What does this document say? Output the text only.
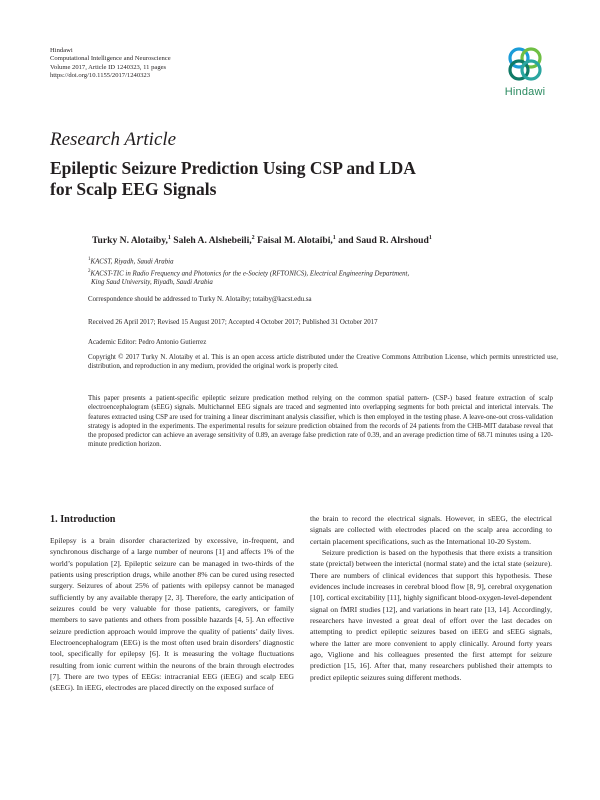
Hindawi
Computational Intelligence and Neuroscience
Volume 2017, Article ID 1240323, 11 pages
https://doi.org/10.1155/2017/1240323
Hindawi
Research Article
Epileptic Seizure Prediction Using CSP and LDA
for Scalp EEG Signals
Turky N. Alotaiby,$^1$ Saleh A. Alshebeili,$^2$ Faisal M. Alotaibi,$^1$ and Saud R. Alrshoud$^1$
$^1$KACST, Riyadh, Saudi Arabia
$^2$KACST-TIC in Radio Frequency and Photonics for the e-Society (RFTONICS), Electrical Engineering Department,
King Saud University, Riyadh, Saudi Arabia
Correspondence should be addressed to Turky N. Alotaiby; totaiby@kacst.edu.sa
Received 26 April 2017; Revised 15 August 2017; Accepted 4 October 2017; Published 31 October 2017
Academic Editor: Pedro Antonio Gutierrez
Copyright © 2017 Turky N. Alotaiby et al. This is an open access article distributed under the Creative Commons Attribution License, which permits unrestricted use, distribution, and reproduction in any medium, provided the original work is properly cited.
This paper presents a patient-specific epileptic seizure predication method relying on the common spatial pattern- (CSP-) based feature extraction of scalp electroencephalogram (sEEG) signals. Multichannel EEG signals are traced and segmented into overlapping segments for both preictal and interictal intervals. The features extracted using CSP are used for training a linear discriminant analysis classifier, which is then employed in the testing phase. A leave-one-out cross-validation strategy is adopted in the experiments. The experimental results for seizure prediction obtained from the records of 24 patients from the CHB-MIT database reveal that the proposed predictor can achieve an average sensitivity of 0.89, an average false prediction rate of 0.39, and an average prediction time of 68.71 minutes using a 120-minute prediction horizon.
1. Introduction

Epilepsy is a brain disorder characterized by excessive, in-frequent, and synchronous discharge of a large number of neurons [1] and affects 1% of the world’s population [2]. Epileptic seizure can be managed in two-thirds of the patients using prescription drugs, while another 8% can be cured using resected surgery. Seizures of about 25% of patients with epilepsy cannot be managed sufficiently by any available therapy [2, 3]. Therefore, the early anticipation of seizures could be very valuable for those patients, caregivers, or family members to save patients and others from possible hazards [4, 5]. An effective seizure prediction approach would improve the quality of patients’ daily lives. Electroencephalogram (EEG) is the most often used brain disorders’ diagnostic tool, specifically for epilepsy [6]. It is measuring the voltage fluctuations resulting from ionic current within the neurons of the brain through electrodes [7]. There are two types of EEGs: intracranial EEG (iEEG) and scalp EEG (sEEG). In iEEG, electrodes are placed directly on the exposed surface of

the brain to record the electrical signals. However, in sEEG, the electrical signals are collected with electrodes placed on the scalp area according to certain placement specifications, such as the International 10-20 System.

Seizure prediction is based on the hypothesis that there exists a transition state (preictal) between the interictal (normal state) and the ictal state (seizure). There are numbers of clinical evidences that support this hypothesis. These evidences include increases in cerebral blood flow [8, 9], cerebral oxygenation [10], cortical excitability [11], highly significant blood-oxygen-level-dependent signal on fMRI studies [12], and variations in heart rate [13, 14]. Accordingly, researchers have invested a great deal of effort over the last decades on attempting to predict epileptic seizures based on iEEG and sEEG signals, where the latter are more convenient to apply clinically. Around forty years ago, Viglione and his colleagues presented the first attempt for seizure prediction [15, 16]. After that, many researchers published their attempts to predict epileptic seizures suing different methods.
